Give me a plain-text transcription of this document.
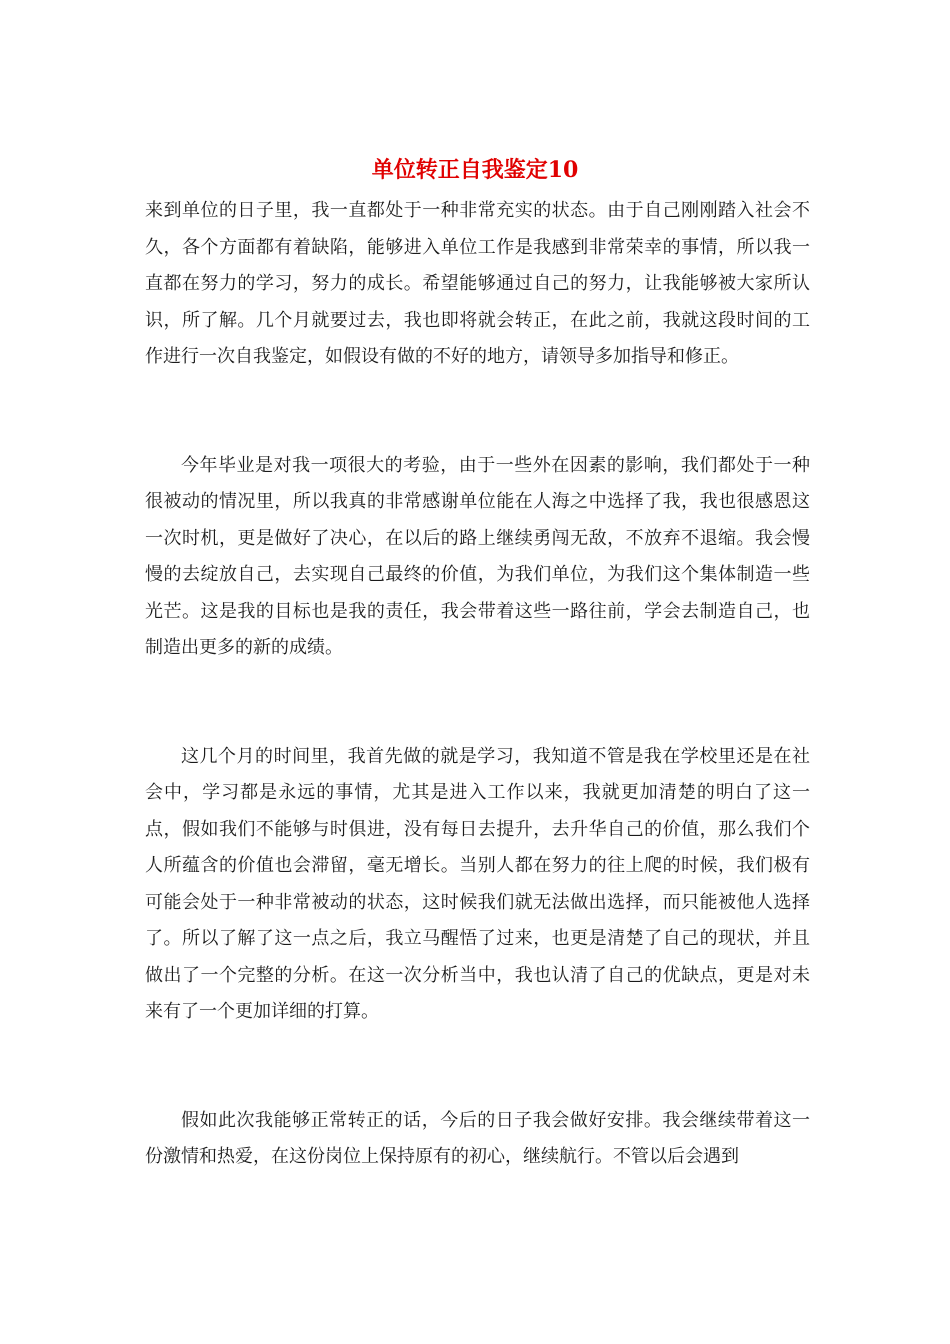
单位转正自我鉴定10

来到单位的日子里，我一直都处于一种非常充实的状态。由于自己刚刚踏入社会不久，各个方面都有着缺陷，能够进入单位工作是我感到非常荣幸的事情，所以我一直都在努力的学习，努力的成长。希望能够通过自己的努力，让我能够被大家所认识，所了解。几个月就要过去，我也即将就会转正，在此之前，我就这段时间的工作进行一次自我鉴定，如假设有做的不好的地方，请领导多加指导和修正。

今年毕业是对我一项很大的考验，由于一些外在因素的影响，我们都处于一种很被动的情况里，所以我真的非常感谢单位能在人海之中选择了我，我也很感恩这一次时机，更是做好了决心，在以后的路上继续勇闯无敌，不放弃不退缩。我会慢慢的去绽放自己，去实现自己最终的价值，为我们单位，为我们这个集体制造一些光芒。这是我的目标也是我的责任，我会带着这些一路往前，学会去制造自己，也制造出更多的新的成绩。

这几个月的时间里，我首先做的就是学习，我知道不管是我在学校里还是在社会中，学习都是永远的事情，尤其是进入工作以来，我就更加清楚的明白了这一点，假如我们不能够与时俱进，没有每日去提升，去升华自己的价值，那么我们个人所蕴含的价值也会滞留，毫无增长。当别人都在努力的往上爬的时候，我们极有可能会处于一种非常被动的状态，这时候我们就无法做出选择，而只能被他人选择了。所以了解了这一点之后，我立马醒悟了过来，也更是清楚了自己的现状，并且做出了一个完整的分析。在这一次分析当中，我也认清了自己的优缺点，更是对未来有了一个更加详细的打算。

假如此次我能够正常转正的话，今后的日子我会做好安排。我会继续带着这一份激情和热爱，在这份岗位上保持原有的初心，继续航行。不管以后会遇到
